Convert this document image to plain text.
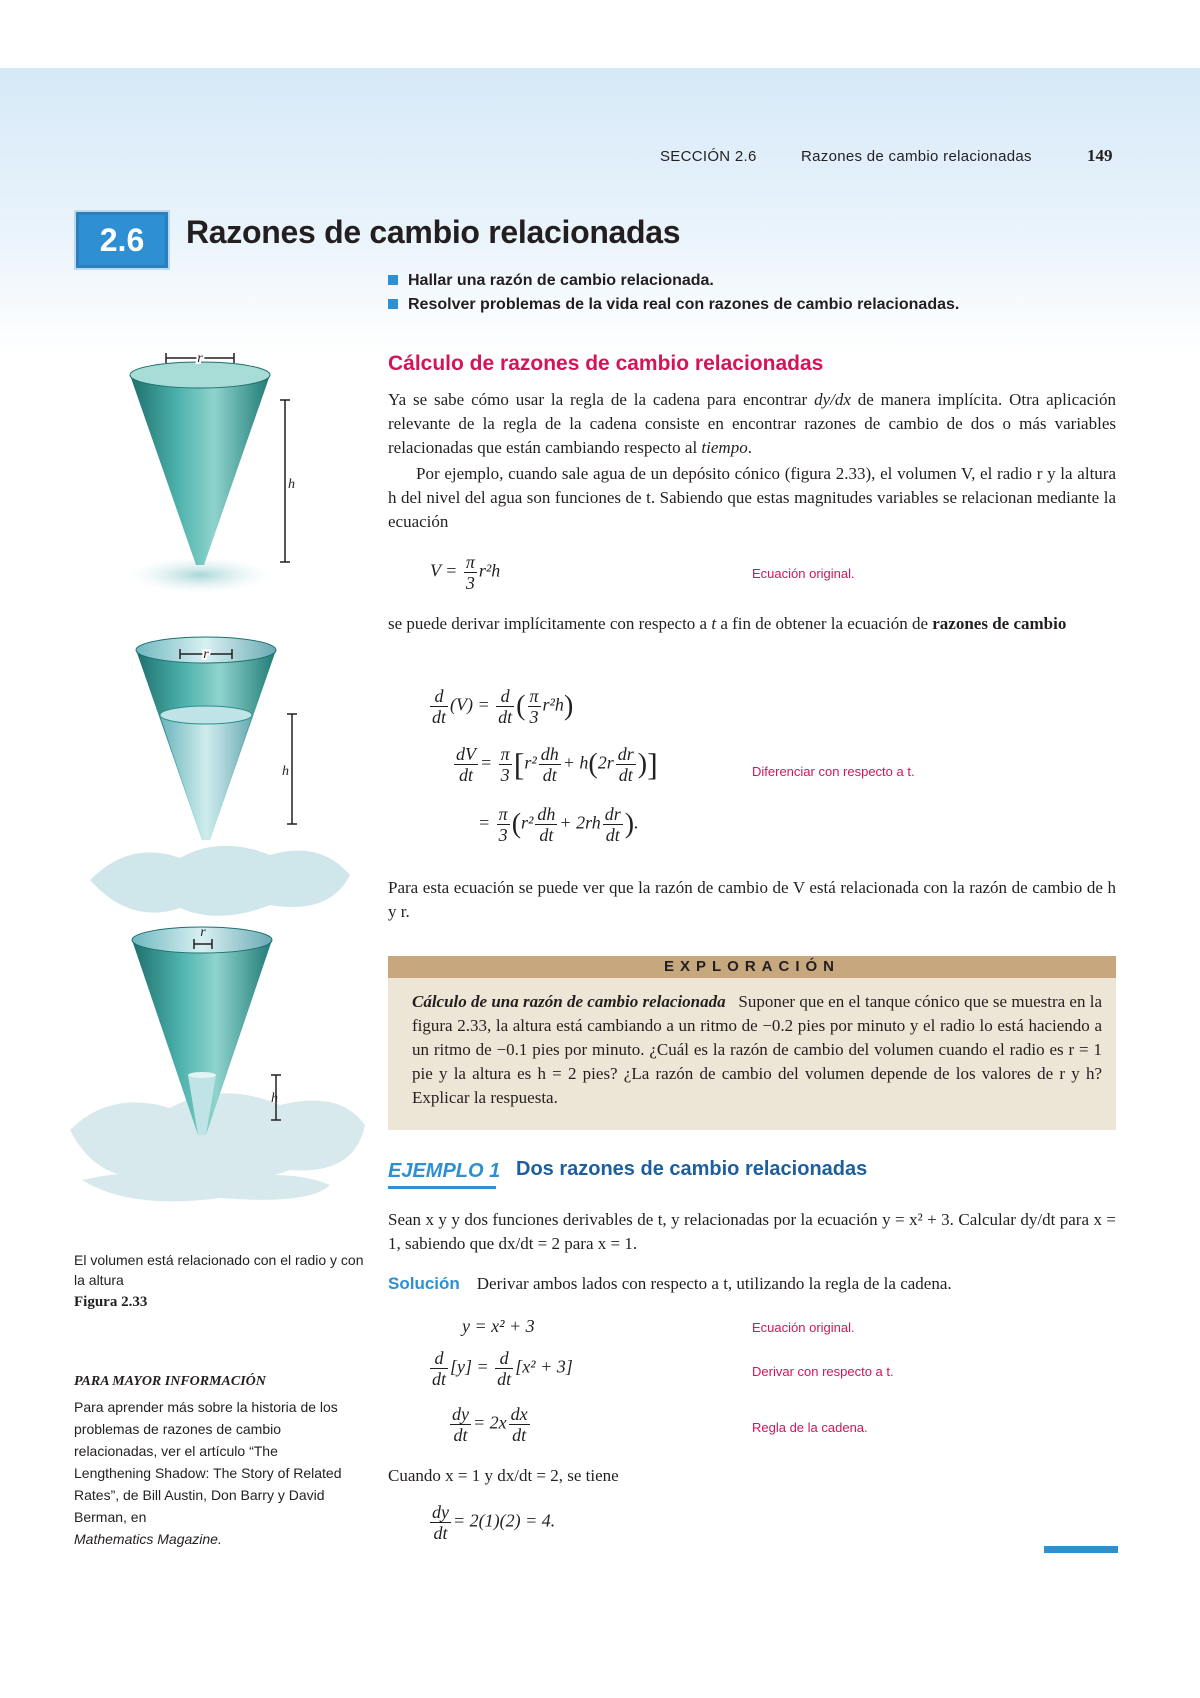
SECCIÓN 2.6	Razones de cambio relacionadas	149
2.6	Razones de cambio relacionadas
Hallar una razón de cambio relacionada.
Resolver problemas de la vida real con razones de cambio relacionadas.
Cálculo de razones de cambio relacionadas
Ya se sabe cómo usar la regla de la cadena para encontrar dy/dx de manera implícita. Otra aplicación relevante de la regla de la cadena consiste en encontrar razones de cambio de dos o más variables relacionadas que están cambiando respecto al tiempo.
Por ejemplo, cuando sale agua de un depósito cónico (figura 2.33), el volumen V, el radio r y la altura h del nivel del agua son funciones de t. Sabiendo que estas magnitudes variables se relacionan mediante la ecuación
$V = \frac{\pi}{3} r^2h$	Ecuación original.
se puede derivar implícitamente con respecto a t a fin de obtener la ecuación de razones de cambio
$\frac{d}{dt} (V) = \frac{d}{dt}$ ( $\frac{\pi}{3} r^2h$)
$\frac{dV}{dt} = \frac{\pi}{3} [r^2 \frac{dh}{dt} + h(2r \frac{dr}{dt}$ )]	Diferenciar con respecto a t.
= $\frac{\pi}{3} (r^2 \frac{dh}{dt} + 2rh \frac{dr}{dt}$ ).
Para esta ecuación se puede ver que la razón de cambio de V está relacionada con la razón de cambio de h y r.
EXPLORACIÓN
Cálculo de una razón de cambio relacionada Suponer que en el tanque cónico que se muestra en la figura 2.33, la altura está cambiando a un ritmo de −0.2 pies por minuto y el radio lo está haciendo a un ritmo de −0.1 pies por minuto. ¿Cuál es la razón de cambio del volumen cuando el radio es r = 1 pie y la altura es h = 2 pies? ¿La razón de cambio del volumen depende de los valores de r y h? Explicar la respuesta.
EJEMPLO 1 Dos razones de cambio relacionadas
Sean x y y dos funciones derivables de t, y relacionadas por la ecuación y = x² + 3. Calcular dy/dt para x = 1, sabiendo que dx/dt = 2 para x = 1.
Solución Derivar ambos lados con respecto a t, utilizando la regla de la cadena.
y = x² + 3	Ecuación original.
$\frac{d}{dt} [y] = \frac{d}{dt} [x^2 + 3]$	Derivar con respecto a t.
$\frac{dy}{dt} = 2x \frac{dx}{dt}$	Regla de la cadena.
Cuando x = 1 y dx/dt = 2, se tiene
$\frac{dy}{dt} = 2(1)(2) = 4$.
r
h
r
h
r
h
El volumen está relacionado con el radio y con la altura
Figura 2.33
PARA MAYOR INFORMACIÓN
Para aprender más sobre la historia de los problemas de razones de cambio relacionadas, ver el artículo “The Lengthening Shadow: The Story of Related Rates”, de Bill Austin, Don Barry y David Berman, en
Mathematics Magazine.
